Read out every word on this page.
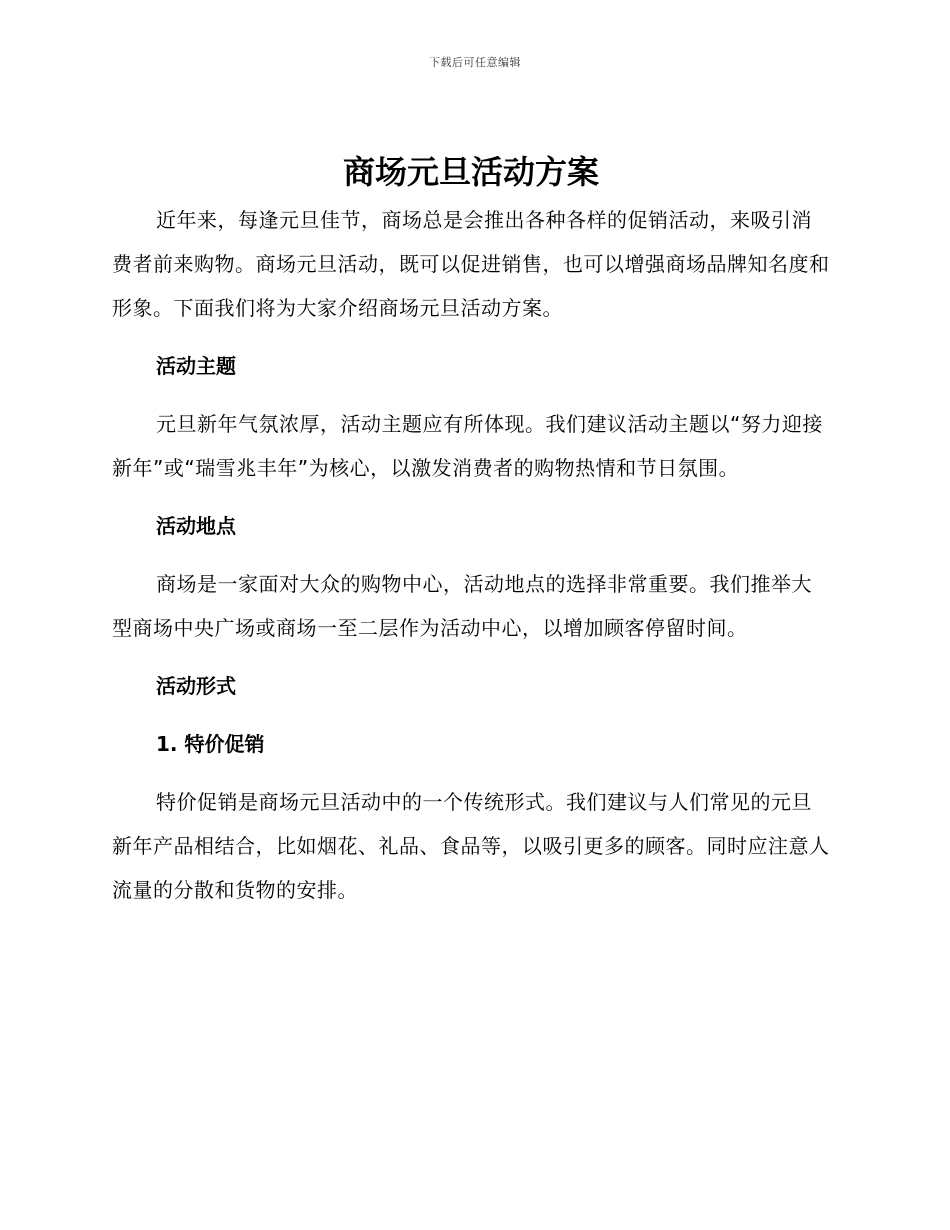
下载后可任意编辑
商场元旦活动方案

近年来，每逢元旦佳节，商场总是会推出各种各样的促销活动，来吸引消费者前来购物。商场元旦活动，既可以促进销售，也可以增强商场品牌知名度和形象。下面我们将为大家介绍商场元旦活动方案。

活动主题

元旦新年气氛浓厚，活动主题应有所体现。我们建议活动主题以“努力迎接新年”或“瑞雪兆丰年”为核心，以激发消费者的购物热情和节日氛围。

活动地点

商场是一家面对大众的购物中心，活动地点的选择非常重要。我们推举大型商场中央广场或商场一至二层作为活动中心，以增加顾客停留时间。

活动形式

1. 特价促销

特价促销是商场元旦活动中的一个传统形式。我们建议与人们常见的元旦新年产品相结合，比如烟花、礼品、食品等，以吸引更多的顾客。同时应注意人流量的分散和货物的安排。
